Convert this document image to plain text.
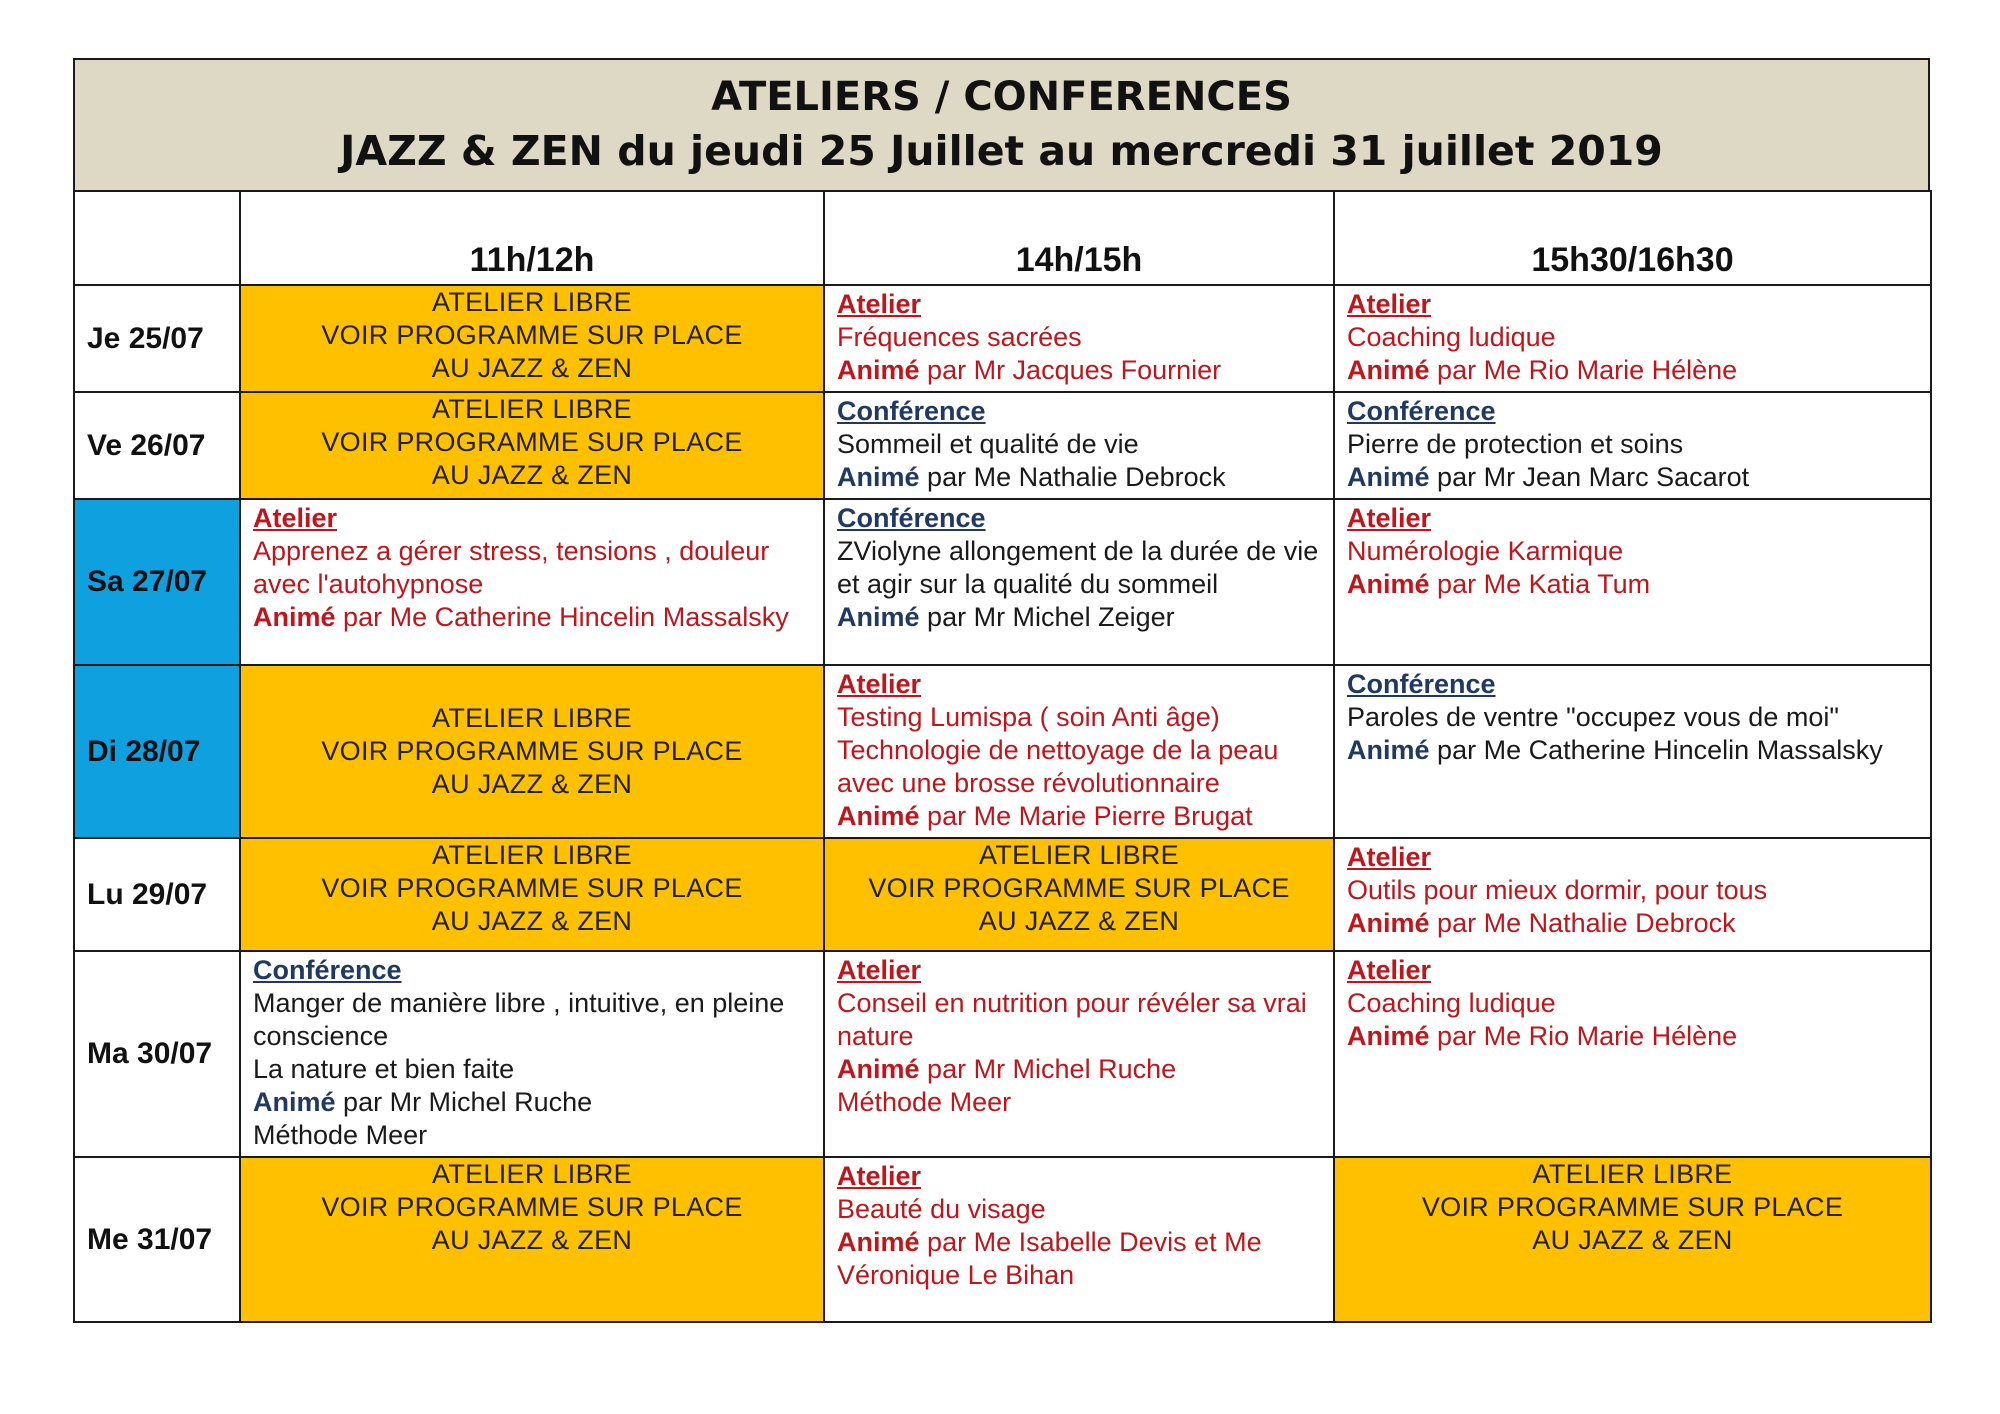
ATELIERS / CONFERENCES
JAZZ & ZEN du jeudi 25 Juillet au mercredi 31 juillet 2019
	11h/12h	14h/15h	15h30/16h30
Je 25/07	ATELIER LIBRE
VOIR PROGRAMME SUR PLACE
AU JAZZ & ZEN	Atelier
Fréquences sacrées
Animé par Mr Jacques Fournier	Atelier
Coaching ludique
Animé par Me Rio Marie Hélène

Ve 26/07	ATELIER LIBRE
VOIR PROGRAMME SUR PLACE
AU JAZZ & ZEN	Conférence
Sommeil et qualité de vie
Animé par Me Nathalie Debrock	Conférence
Pierre de protection et soins
Animé par Mr Jean Marc Sacarot

Sa 27/07	Atelier
Apprenez a gérer stress, tensions , douleur avec l'autohypnose
Animé par Me Catherine Hincelin Massalsky	Conférence
ZViolyne allongement de la durée de vie et agir sur la qualité du sommeil
Animé par Mr Michel Zeiger	Atelier
Numérologie Karmique
Animé par Me Katia Tum

Di 28/07	ATELIER LIBRE
VOIR PROGRAMME SUR PLACE
AU JAZZ & ZEN	Atelier
Testing Lumispa ( soin Anti âge)
Technologie de nettoyage de la peau avec une brosse révolutionnaire
Animé par Me Marie Pierre Brugat	Conférence
Paroles de ventre "occupez vous de moi"
Animé par Me Catherine Hincelin Massalsky

Lu 29/07	ATELIER LIBRE
VOIR PROGRAMME SUR PLACE
AU JAZZ & ZEN	ATELIER LIBRE
VOIR PROGRAMME SUR PLACE
AU JAZZ & ZEN	Atelier
Outils pour mieux dormir, pour tous
Animé par Me Nathalie Debrock

Ma 30/07	Conférence
Manger de manière libre , intuitive, en pleine conscience
La nature et bien faite
Animé par Mr Michel Ruche
Méthode Meer	Atelier
Conseil en nutrition pour révéler sa vrai nature
Animé par Mr Michel Ruche
Méthode Meer	Atelier
Coaching ludique
Animé par Me Rio Marie Hélène

Me 31/07	ATELIER LIBRE
VOIR PROGRAMME SUR PLACE
AU JAZZ & ZEN	Atelier
Beauté du visage
Animé par Me Isabelle Devis et Me Véronique Le Bihan	ATELIER LIBRE
VOIR PROGRAMME SUR PLACE
AU JAZZ & ZEN
